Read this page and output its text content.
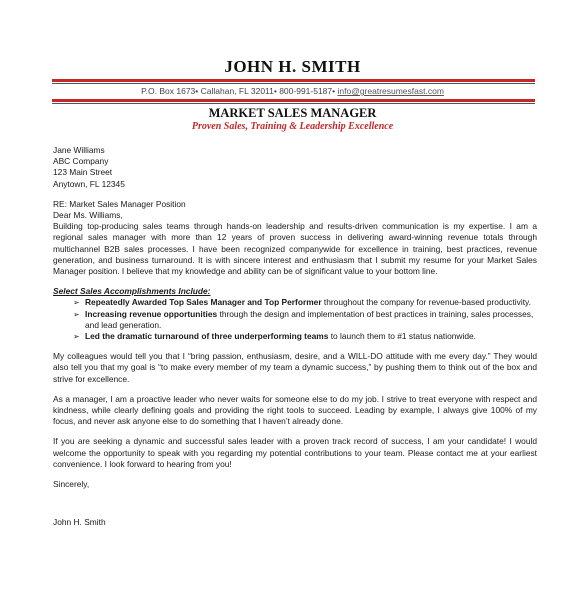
JOHN H. SMITH
P.O. Box 1673• Callahan, FL 32011• 800-991-5187• info@greatresumesfast.com
MARKET SALES MANAGER
Proven Sales, Training & Leadership Excellence
Jane Williams
ABC Company
123 Main Street
Anytown, FL 12345

RE: Market Sales Manager Position

Dear Ms. Williams,

Building top-producing sales teams through hands-on leadership and results-driven communication is my expertise. I am a regional sales manager with more than 12 years of proven success in delivering award-winning revenue totals through multichannel B2B sales processes. I have been recognized companywide for excellence in training, best practices, revenue generation, and business turnaround. It is with sincere interest and enthusiasm that I submit my resume for your Market Sales Manager position. I believe that my knowledge and ability can be of significant value to your bottom line.

Select Sales Accomplishments Include:

➢ Repeatedly Awarded Top Sales Manager and Top Performer throughout the company for revenue-based productivity.
➢ Increasing revenue opportunities through the design and implementation of best practices in training, sales processes, and lead generation.
➢ Led the dramatic turnaround of three underperforming teams to launch them to #1 status nationwide.

My colleagues would tell you that I “bring passion, enthusiasm, desire, and a WILL-DO attitude with me every day.” They would also tell you that my goal is “to make every member of my team a dynamic success,” by pushing them to think out of the box and strive for excellence.

As a manager, I am a proactive leader who never waits for someone else to do my job. I strive to treat everyone with respect and kindness, while clearly defining goals and providing the right tools to succeed. Leading by example, I always give 100% of my focus, and never ask anyone else to do something that I haven’t already done.

If you are seeking a dynamic and successful sales leader with a proven track record of success, I am your candidate! I would welcome the opportunity to speak with you regarding my potential contributions to your team. Please contact me at your earliest convenience. I look forward to hearing from you!

Sincerely,

John H. Smith
